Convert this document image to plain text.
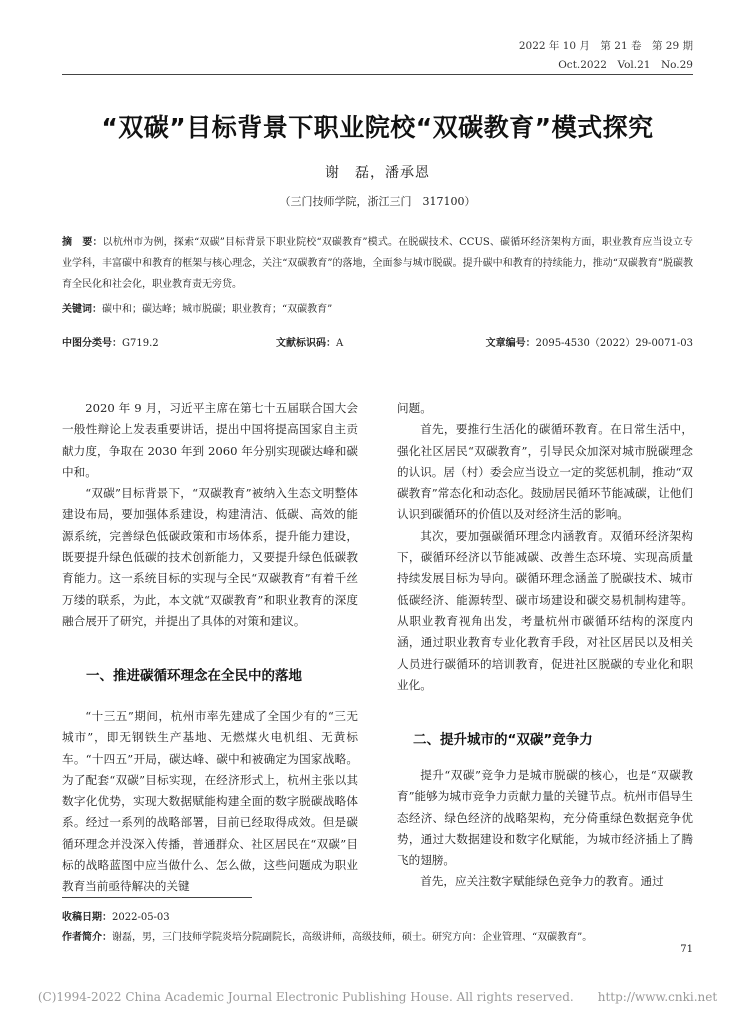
2022 年 10 月　第 21 卷　第 29 期
Oct.2022　Vol.21　No.29
“双碳”目标背景下职业院校“双碳教育”模式探究
谢　磊，潘承恩
（三门技师学院，浙江三门　317100）
摘　要：以杭州市为例，探索“双碳”目标背景下职业院校“双碳教育”模式。在脱碳技术、CCUS、碳循环经济架构方面，职业教育应当设立专业学科，丰富碳中和教育的框架与核心理念，关注“双碳教育”的落地，全面参与城市脱碳。提升碳中和教育的持续能力，推动“双碳教育”脱碳教育全民化和社会化，职业教育责无旁贷。
关键词：碳中和；碳达峰；城市脱碳；职业教育；“双碳教育”
中图分类号：G719.2	文献标识码：A	文章编号：2095-4530（2022）29-0071-03

2020 年 9 月，习近平主席在第七十五届联合国大会一般性辩论上发表重要讲话，提出中国将提高国家自主贡献力度，争取在 2030 年到 2060 年分别实现碳达峰和碳中和。

“双碳”目标背景下，“双碳教育”被纳入生态文明整体建设布局，要加强体系建设，构建清洁、低碳、高效的能源系统，完善绿色低碳政策和市场体系，提升能力建设，既要提升绿色低碳的技术创新能力，又要提升绿色低碳教育能力。这一系统目标的实现与全民“双碳教育”有着千丝万缕的联系，为此，本文就“双碳教育”和职业教育的深度融合展开了研究，并提出了具体的对策和建议。

一、推进碳循环理念在全民中的落地

“十三五”期间，杭州市率先建成了全国少有的“三无城市”，即无钢铁生产基地、无燃煤火电机组、无黄标车。“十四五”开局，碳达峰、碳中和被确定为国家战略。为了配套“双碳”目标实现，在经济形式上，杭州主张以其数字化优势，实现大数据赋能构建全面的数字脱碳战略体系。经过一系列的战略部署，目前已经取得成效。但是碳循环理念并没深入传播，普通群众、社区居民在“双碳”目标的战略蓝图中应当做什么、怎么做，这些问题成为职业教育当前亟待解决的关键

问题。

首先，要推行生活化的碳循环教育。在日常生活中，强化社区居民“双碳教育”，引导民众加深对城市脱碳理念的认识。居（村）委会应当设立一定的奖惩机制，推动“双碳教育”常态化和动态化。鼓励居民循环节能减碳，让他们认识到碳循环的价值以及对经济生活的影响。

其次，要加强碳循环理念内涵教育。双循环经济架构下，碳循环经济以节能减碳、改善生态环境、实现高质量持续发展目标为导向。碳循环理念涵盖了脱碳技术、城市低碳经济、能源转型、碳市场建设和碳交易机制构建等。从职业教育视角出发，考量杭州市碳循环结构的深度内涵，通过职业教育专业化教育手段，对社区居民以及相关人员进行碳循环的培训教育，促进社区脱碳的专业化和职业化。

二、提升城市的“双碳”竞争力

提升“双碳”竞争力是城市脱碳的核心，也是“双碳教育”能够为城市竞争力贡献力量的关键节点。杭州市倡导生态经济、绿色经济的战略架构，充分倚重绿色数据竞争优势，通过大数据建设和数字化赋能，为城市经济插上了腾飞的翅膀。

首先，应关注数字赋能绿色竞争力的教育。通过

收稿日期：2022-05-03
作者简介：谢磊，男，三门技师学院炎培分院副院长，高级讲师，高级技师，硕士。研究方向：企业管理、“双碳教育”。
71
(C)1994-2022 China Academic Journal Electronic Publishing House. All rights reserved.　　http://www.cnki.net
